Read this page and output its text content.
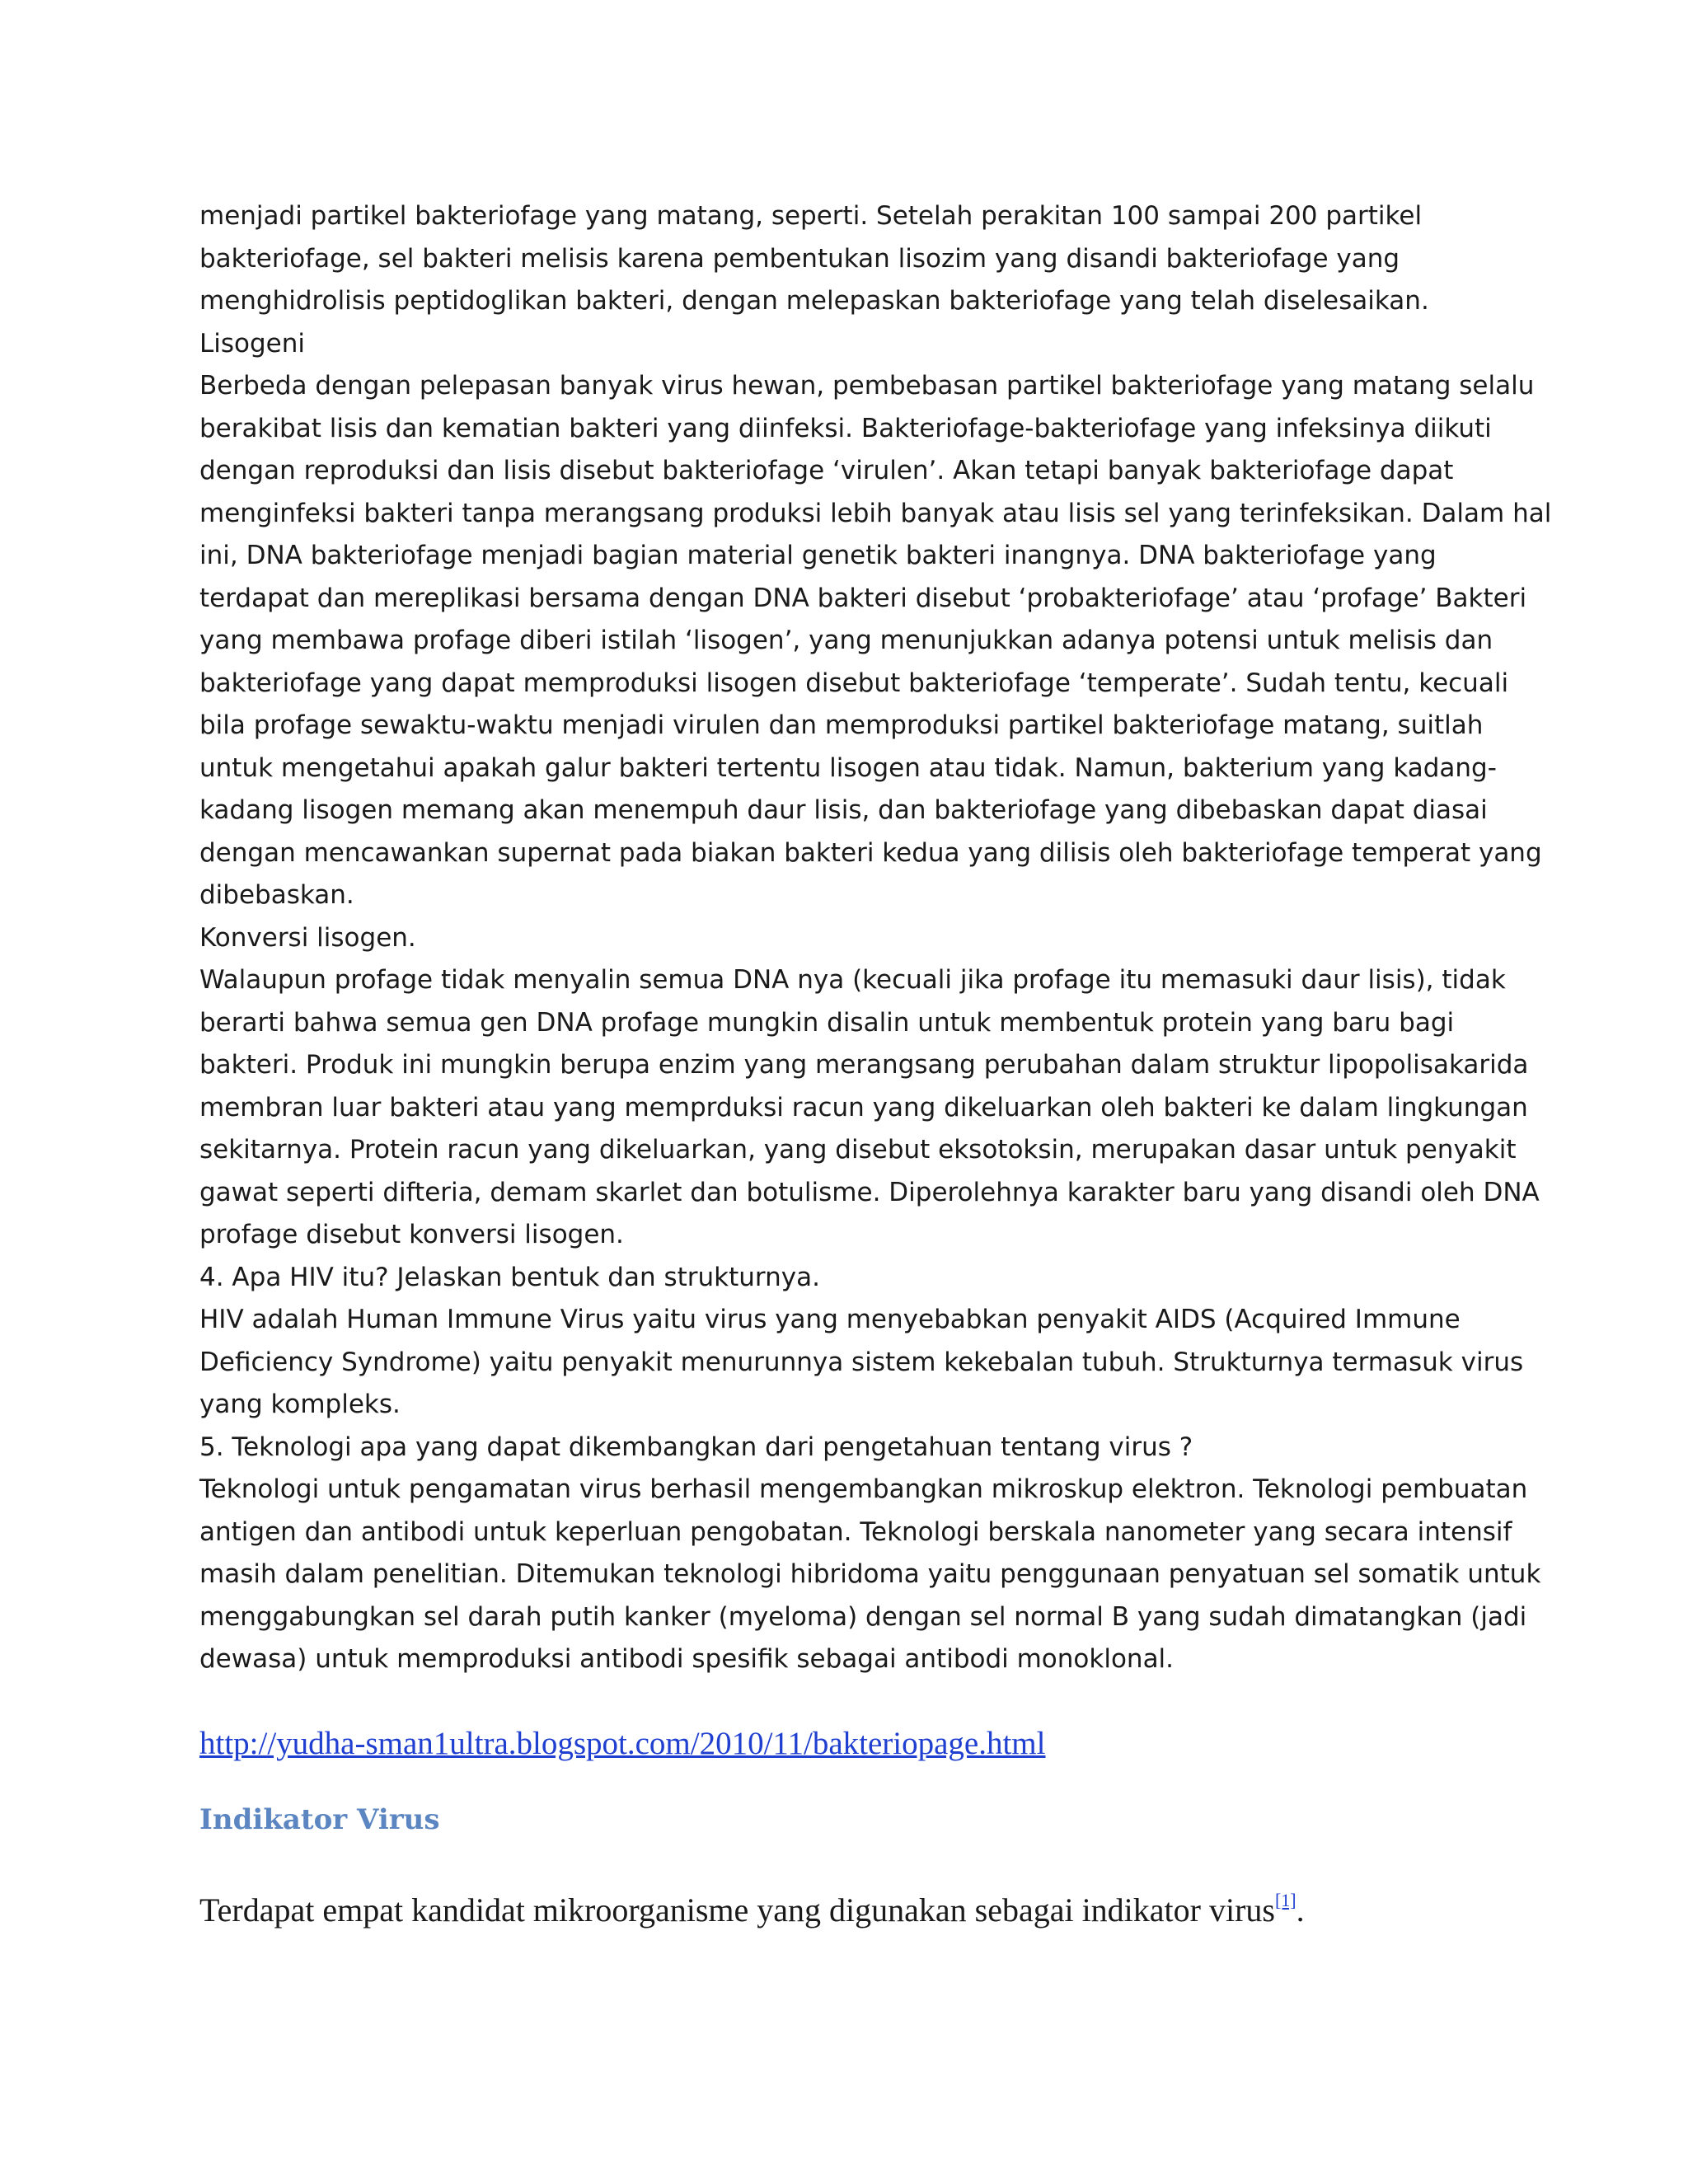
menjadi partikel bakteriofage yang matang, seperti. Setelah perakitan 100 sampai 200 partikel
bakteriofage, sel bakteri melisis karena pembentukan lisozim yang disandi bakteriofage yang
menghidrolisis peptidoglikan bakteri, dengan melepaskan bakteriofage yang telah diselesaikan.
Lisogeni
Berbeda dengan pelepasan banyak virus hewan, pembebasan partikel bakteriofage yang matang selalu
berakibat lisis dan kematian bakteri yang diinfeksi. Bakteriofage-bakteriofage yang infeksinya diikuti
dengan reproduksi dan lisis disebut bakteriofage ‘virulen’. Akan tetapi banyak bakteriofage dapat
menginfeksi bakteri tanpa merangsang produksi lebih banyak atau lisis sel yang terinfeksikan. Dalam hal
ini, DNA bakteriofage menjadi bagian material genetik bakteri inangnya. DNA bakteriofage yang
terdapat dan mereplikasi bersama dengan DNA bakteri disebut ‘probakteriofage’ atau ‘profage’ Bakteri
yang membawa profage diberi istilah ‘lisogen’, yang menunjukkan adanya potensi untuk melisis dan
bakteriofage yang dapat memproduksi lisogen disebut bakteriofage ‘temperate’. Sudah tentu, kecuali
bila profage sewaktu-waktu menjadi virulen dan memproduksi partikel bakteriofage matang, suitlah
untuk mengetahui apakah galur bakteri tertentu lisogen atau tidak. Namun, bakterium yang kadang-
kadang lisogen memang akan menempuh daur lisis, dan bakteriofage yang dibebaskan dapat diasai
dengan mencawankan supernat pada biakan bakteri kedua yang dilisis oleh bakteriofage temperat yang
dibebaskan.
Konversi lisogen.
Walaupun profage tidak menyalin semua DNA nya (kecuali jika profage itu memasuki daur lisis), tidak
berarti bahwa semua gen DNA profage mungkin disalin untuk membentuk protein yang baru bagi
bakteri. Produk ini mungkin berupa enzim yang merangsang perubahan dalam struktur lipopolisakarida
membran luar bakteri atau yang memprduksi racun yang dikeluarkan oleh bakteri ke dalam lingkungan
sekitarnya. Protein racun yang dikeluarkan, yang disebut eksotoksin, merupakan dasar untuk penyakit
gawat seperti difteria, demam skarlet dan botulisme. Diperolehnya karakter baru yang disandi oleh DNA
profage disebut konversi lisogen.
4. Apa HIV itu? Jelaskan bentuk dan strukturnya.
HIV adalah Human Immune Virus yaitu virus yang menyebabkan penyakit AIDS (Acquired Immune
Deficiency Syndrome) yaitu penyakit menurunnya sistem kekebalan tubuh. Strukturnya termasuk virus
yang kompleks.
5. Teknologi apa yang dapat dikembangkan dari pengetahuan tentang virus ?
Teknologi untuk pengamatan virus berhasil mengembangkan mikroskup elektron. Teknologi pembuatan
antigen dan antibodi untuk keperluan pengobatan. Teknologi berskala nanometer yang secara intensif
masih dalam penelitian. Ditemukan teknologi hibridoma yaitu penggunaan penyatuan sel somatik untuk
menggabungkan sel darah putih kanker (myeloma) dengan sel normal B yang sudah dimatangkan (jadi
dewasa) untuk memproduksi antibodi spesifik sebagai antibodi monoklonal.
http://yudha-sman1ultra.blogspot.com/2010/11/bakteriopage.html
Indikator Virus
Terdapat empat kandidat mikroorganisme yang digunakan sebagai indikator virus[1].
